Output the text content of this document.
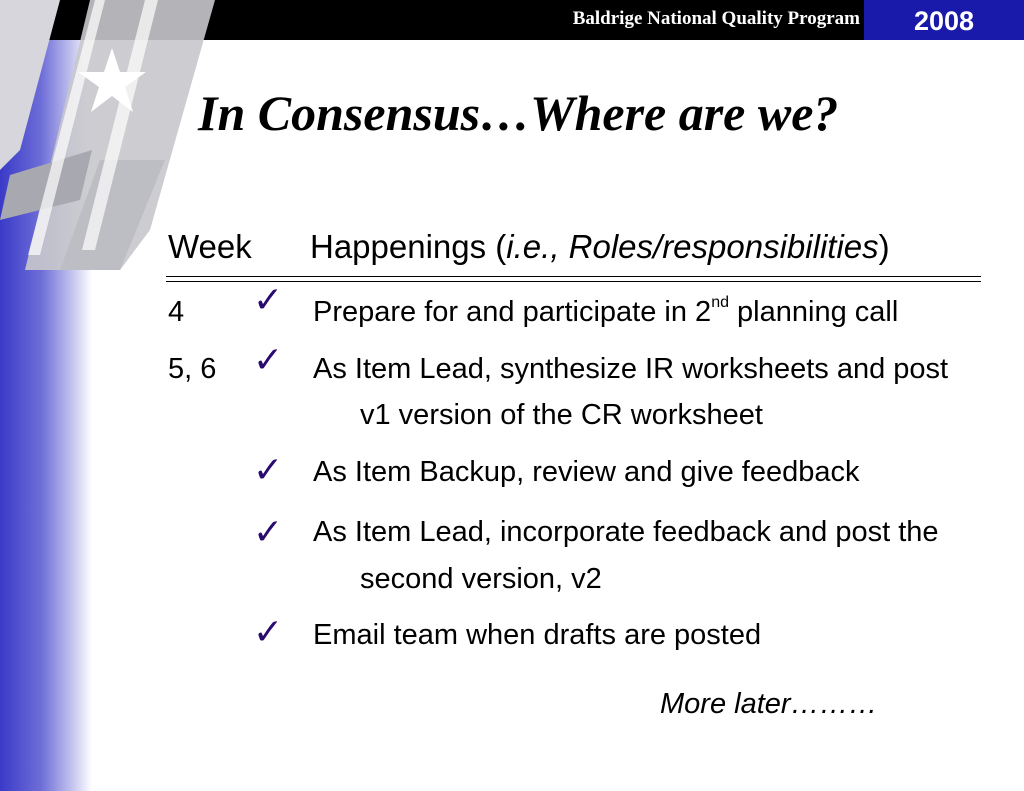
Baldrige National Quality Program	2008
In Consensus…Where are we?
Week Happenings (i.e., Roles/responsibilities)
4 ✓ Prepare for and participate in 2nd planning call
5, 6 ✓ As Item Lead, synthesize IR worksheets and post
v1 version of the CR worksheet
✓ As Item Backup, review and give feedback
✓ As Item Lead, incorporate feedback and post the
second version, v2
✓ Email team when drafts are posted
More later………
